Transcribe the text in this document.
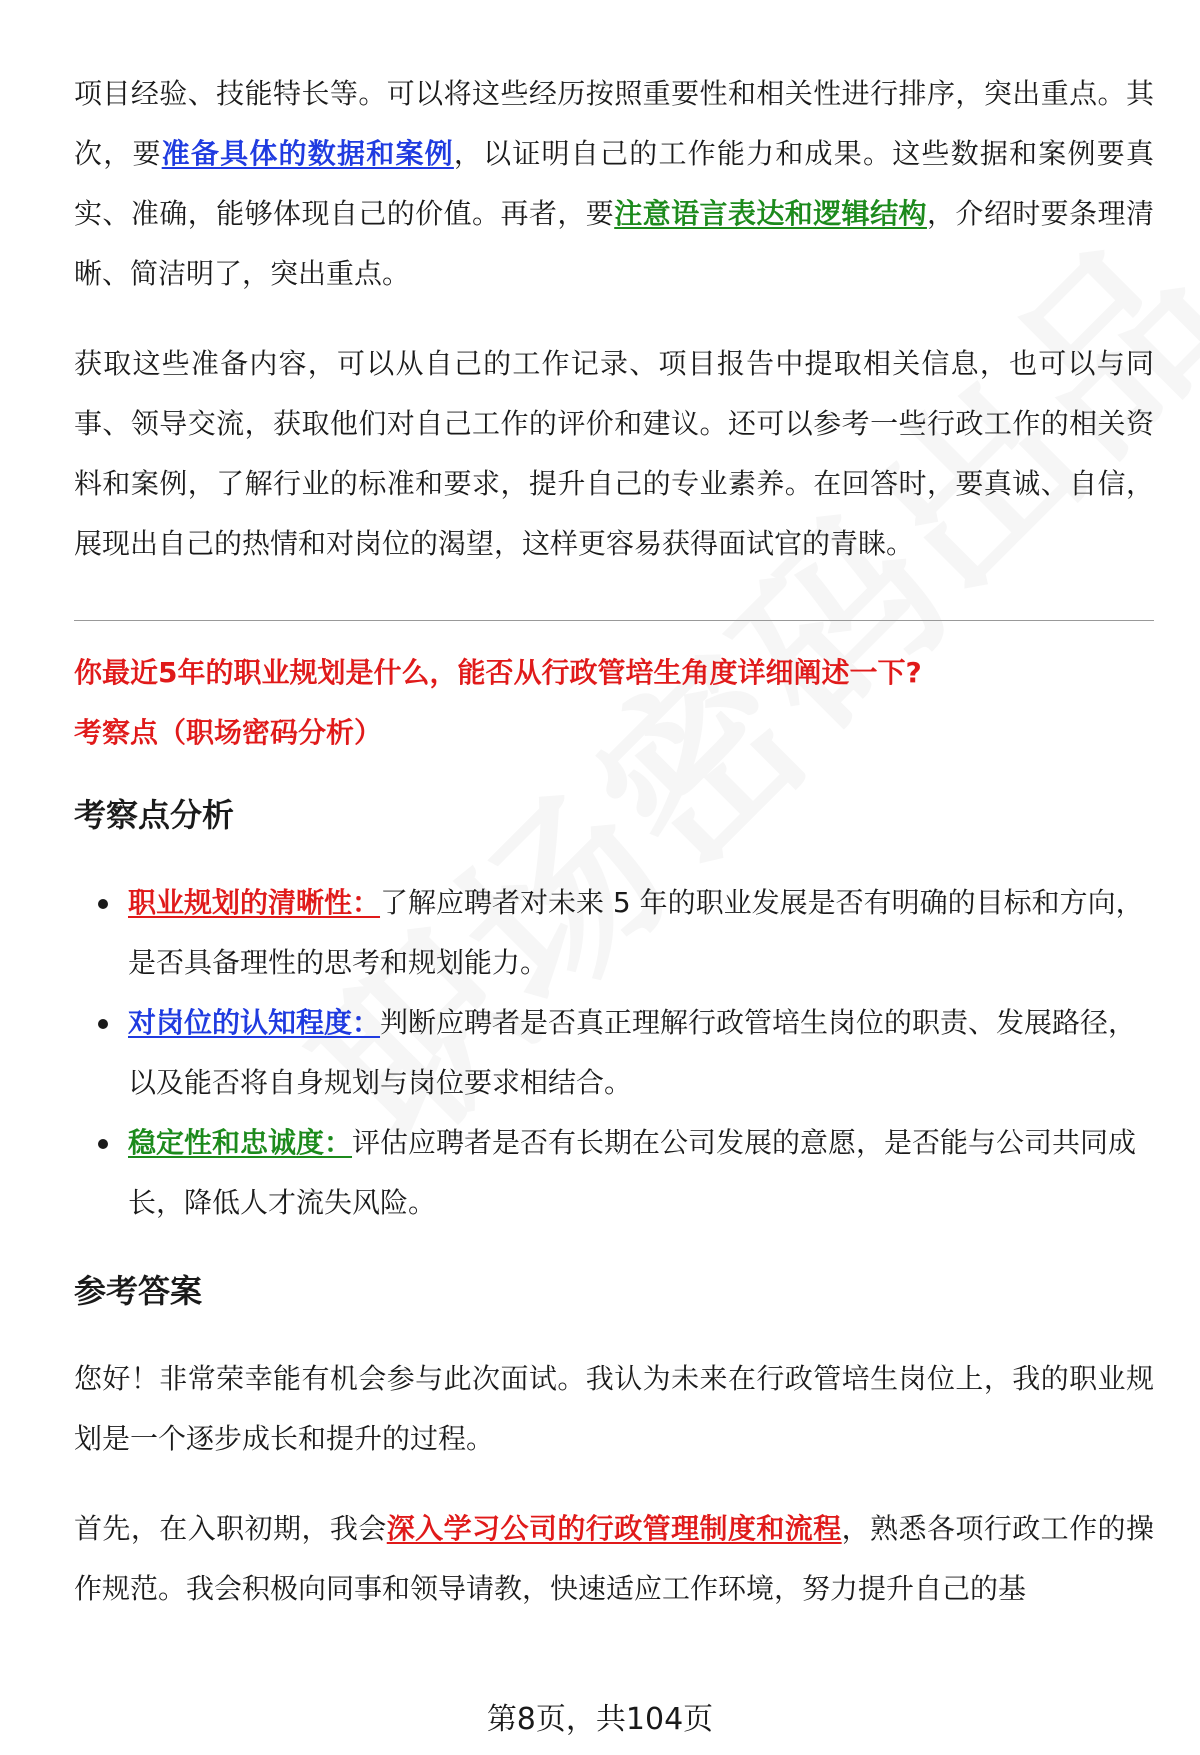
项目经验、技能特长等。可以将这些经历按照重要性和相关性进行排序，突出重点。其次，要准备具体的数据和案例，以证明自己的工作能力和成果。这些数据和案例要真实、准确，能够体现自己的价值。再者，要注意语言表达和逻辑结构，介绍时要条理清晰、简洁明了，突出重点。

获取这些准备内容，可以从自己的工作记录、项目报告中提取相关信息，也可以与同事、领导交流，获取他们对自己工作的评价和建议。还可以参考一些行政工作的相关资料和案例，了解行业的标准和要求，提升自己的专业素养。在回答时，要真诚、自信，展现出自己的热情和对岗位的渴望，这样更容易获得面试官的青睐。

你最近5年的职业规划是什么，能否从行政管培生角度详细阐述一下?

考察点（职场密码分析）

考察点分析
职业规划的清晰性：了解应聘者对未来 5 年的职业发展是否有明确的目标和方向，是否具备理性的思考和规划能力。
对岗位的认知程度：判断应聘者是否真正理解行政管培生岗位的职责、发展路径，以及能否将自身规划与岗位要求相结合。
稳定性和忠诚度：评估应聘者是否有长期在公司发展的意愿，是否能与公司共同成长，降低人才流失风险。
参考答案

您好！非常荣幸能有机会参与此次面试。我认为未来在行政管培生岗位上，我的职业规划是一个逐步成长和提升的过程。

首先，在入职初期，我会深入学习公司的行政管理制度和流程，熟悉各项行政工作的操作规范。我会积极向同事和领导请教，快速适应工作环境，努力提升自己的基

第8页，共104页
